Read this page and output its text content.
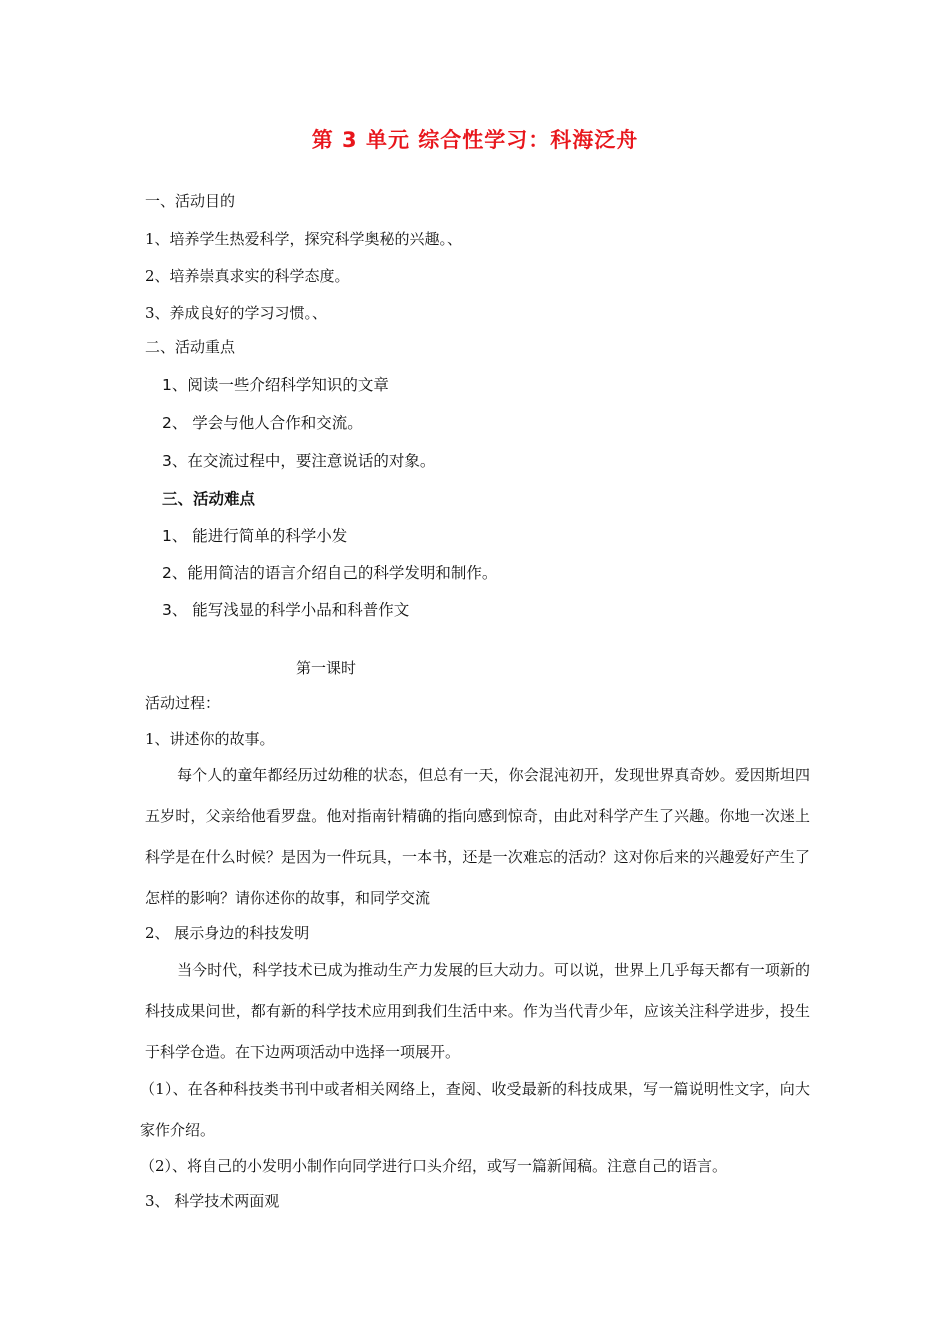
第 3 单元 综合性学习：科海泛舟
一、活动目的
1、培养学生热爱科学，探究科学奥秘的兴趣。、
2、培养崇真求实的科学态度。
3、养成良好的学习习惯。、
二、活动重点
1、阅读一些介绍科学知识的文章
2、 学会与他人合作和交流。
3、在交流过程中，要注意说话的对象。
三、活动难点
1、 能进行简单的科学小发
2、能用简洁的语言介绍自己的科学发明和制作。
3、 能写浅显的科学小品和科普作文
第一课时
活动过程：
1、讲述你的故事。
每个人的童年都经历过幼稚的状态，但总有一天，你会混沌初开，发现世界真奇妙。爱因斯坦四五岁时，父亲给他看罗盘。他对指南针精确的指向感到惊奇，由此对科学产生了兴趣。你地一次迷上科学是在什么时候？是因为一件玩具，一本书，还是一次难忘的活动？这对你后来的兴趣爱好产生了怎样的影响？请你述你的故事，和同学交流
2、 展示身边的科技发明
当今时代，科学技术已成为推动生产力发展的巨大动力。可以说，世界上几乎每天都有一项新的科技成果问世，都有新的科学技术应用到我们生活中来。作为当代青少年，应该关注科学进步，投生于科学仓造。在下边两项活动中选择一项展开。
（1）、在各种科技类书刊中或者相关网络上，查阅、收受最新的科技成果，写一篇说明性文字，向大家作介绍。
（2）、将自己的小发明小制作向同学进行口头介绍，或写一篇新闻稿。注意自己的语言。
3、 科学技术两面观
